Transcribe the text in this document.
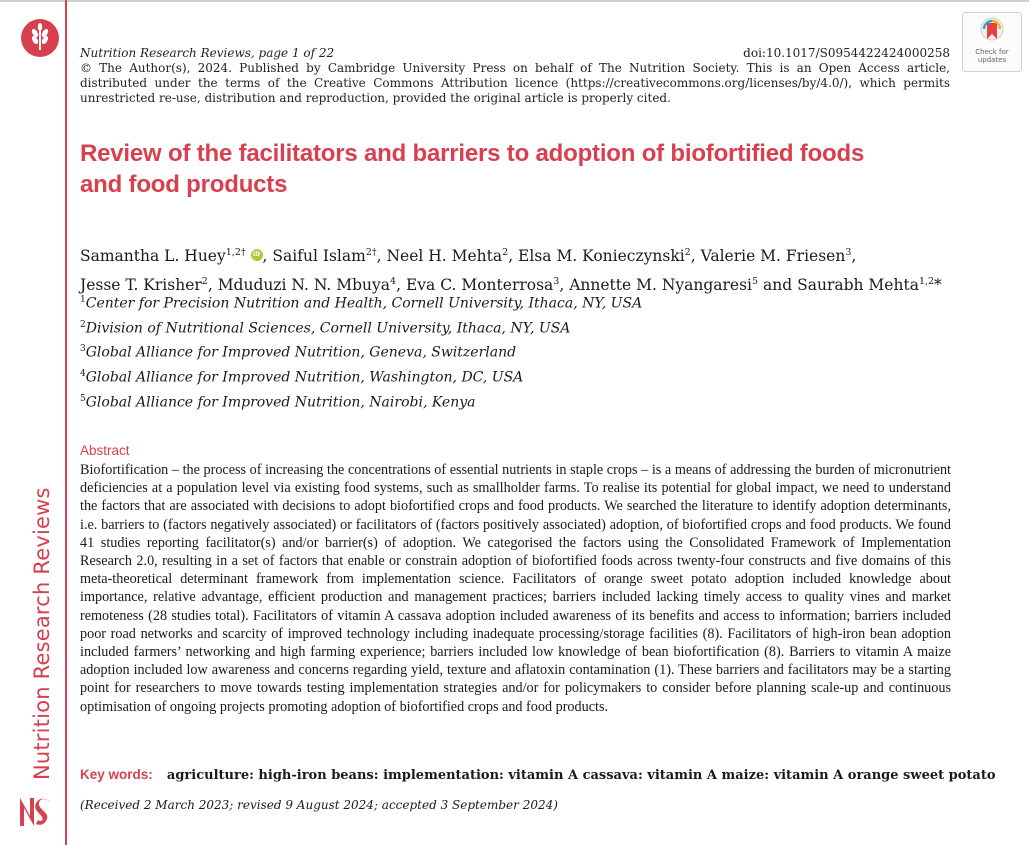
Nutrition Research Reviews
Check for
updates
Nutrition Research Reviews, page 1 of 22	doi:10.1017/S0954422424000258
© The Author(s), 2024. Published by Cambridge University Press on behalf of The Nutrition Society. This is an Open Access article, distributed under the terms of the Creative Commons Attribution licence (https://creativecommons.org/licenses/by/4.0/), which permits unrestricted re-use, distribution and reproduction, provided the original article is properly cited.
Review of the facilitators and barriers to adoption of biofortified foods
and food products
Samantha L. Huey$^{1,2\dagger}$ iD , Saiful Islam$^{2\dagger}$, Neel H. Mehta$^2$, Elsa M. Konieczynski$^2$, Valerie M. Friesen$^3$,
Jesse T. Krisher$^2$, Mduduzi N. N. Mbuya$^4$, Eva C. Monterrosa$^3$, Annette M. Nyangaresi$^5$ and Saurabh Mehta$^{1,2}$*
$^1$Center for Precision Nutrition and Health, Cornell University, Ithaca, NY, USA
$^2$Division of Nutritional Sciences, Cornell University, Ithaca, NY, USA
$^3$Global Alliance for Improved Nutrition, Geneva, Switzerland
$^4$Global Alliance for Improved Nutrition, Washington, DC, USA
$^5$Global Alliance for Improved Nutrition, Nairobi, Kenya
Abstract
Biofortification – the process of increasing the concentrations of essential nutrients in staple crops – is a means of addressing the burden of micronutrient deficiencies at a population level via existing food systems, such as smallholder farms. To realise its potential for global impact, we need to understand the factors that are associated with decisions to adopt biofortified crops and food products. We searched the literature to identify adoption determinants, i.e. barriers to (factors negatively associated) or facilitators of (factors positively associated) adoption, of biofortified crops and food products. We found 41 studies reporting facilitator(s) and/or barrier(s) of adoption. We categorised the factors using the Consolidated Framework of Implementation Research 2.0, resulting in a set of factors that enable or constrain adoption of biofortified foods across twenty-four constructs and five domains of this meta-theoretical determinant framework from implementation science. Facilitators of orange sweet potato adoption included knowledge about importance, relative advantage, efficient production and management practices; barriers included lacking timely access to quality vines and market remoteness (28 studies total). Facilitators of vitamin A cassava adoption included awareness of its benefits and access to information; barriers included poor road networks and scarcity of improved technology including inadequate processing/storage facilities (8). Facilitators of high-iron bean adoption included farmers’ networking and high farming experience; barriers included low knowledge of bean biofortification (8). Barriers to vitamin A maize adoption included low awareness and concerns regarding yield, texture and aflatoxin contamination (1). These barriers and facilitators may be a starting point for researchers to move towards testing implementation strategies and/or for policymakers to consider before planning scale-up and continuous optimisation of ongoing projects promoting adoption of biofortified crops and food products.
Key words: agriculture: high-iron beans: implementation: vitamin A cassava: vitamin A maize: vitamin A orange sweet potato
(Received 2 March 2023; revised 9 August 2024; accepted 3 September 2024)
